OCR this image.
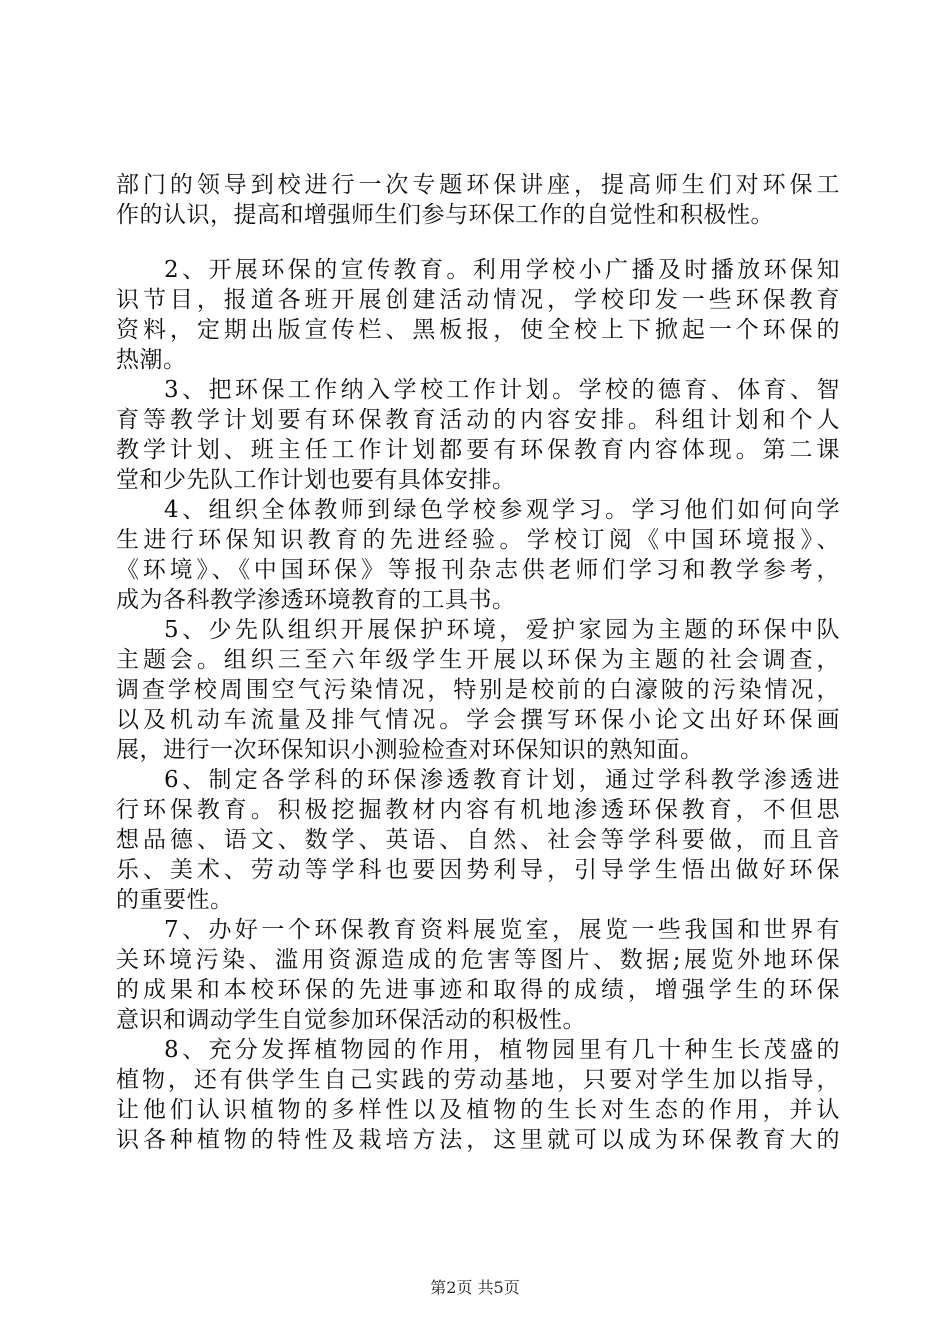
部门的领导到校进行一次专题环保讲座，提高师生们对环保工
作的认识，提高和增强师生们参与环保工作的自觉性和积极性。
2、开展环保的宣传教育。利用学校小广播及时播放环保知
识节目，报道各班开展创建活动情况，学校印发一些环保教育
资料，定期出版宣传栏、黑板报，使全校上下掀起一个环保的
热潮。
3、把环保工作纳入学校工作计划。学校的德育、体育、智
育等教学计划要有环保教育活动的内容安排。科组计划和个人
教学计划、班主任工作计划都要有环保教育内容体现。第二课
堂和少先队工作计划也要有具体安排。
4、组织全体教师到绿色学校参观学习。学习他们如何向学
生进行环保知识教育的先进经验。学校订阅《中国环境报》、
《环境》、《中国环保》等报刊杂志供老师们学习和教学参考，
成为各科教学渗透环境教育的工具书。
5、少先队组织开展保护环境，爱护家园为主题的环保中队
主题会。组织三至六年级学生开展以环保为主题的社会调查，
调查学校周围空气污染情况，特别是校前的白濠陂的污染情况，
以及机动车流量及排气情况。学会撰写环保小论文出好环保画
展，进行一次环保知识小测验检查对环保知识的熟知面。
6、制定各学科的环保渗透教育计划，通过学科教学渗透进
行环保教育。积极挖掘教材内容有机地渗透环保教育，不但思
想品德、语文、数学、英语、自然、社会等学科要做，而且音
乐、美术、劳动等学科也要因势利导，引导学生悟出做好环保
的重要性。
7、办好一个环保教育资料展览室，展览一些我国和世界有
关环境污染、滥用资源造成的危害等图片、数据;展览外地环保
的成果和本校环保的先进事迹和取得的成绩，增强学生的环保
意识和调动学生自觉参加环保活动的积极性。
8、充分发挥植物园的作用，植物园里有几十种生长茂盛的
植物，还有供学生自己实践的劳动基地，只要对学生加以指导，
让他们认识植物的多样性以及植物的生长对生态的作用，并认
识各种植物的特性及栽培方法，这里就可以成为环保教育大的
第2页 共5页
